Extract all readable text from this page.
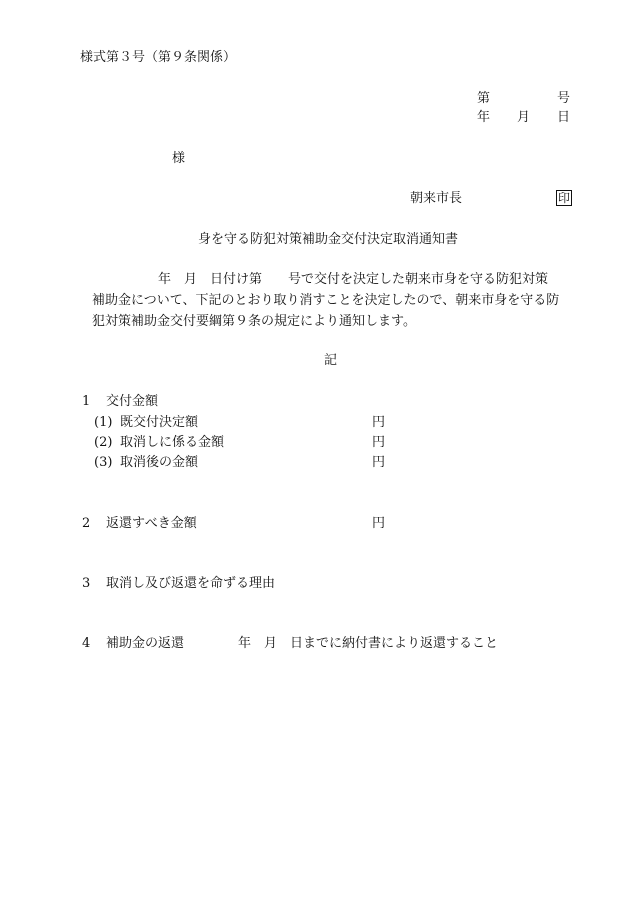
様式第３号（第９条関係）
第	号
年 月 日
様
朝来市長	印
身を守る防犯対策補助金交付決定取消通知書
年　月　日付け第　　号で交付を決定した朝来市身を守る防犯対策
補助金について、下記のとおり取り消すことを決定したので、朝来市身を守る防
犯対策補助金交付要綱第９条の規定により通知します。
記
1 交付金額
(1) 既交付決定額	円
(2) 取消しに係る金額	円
(3) 取消後の金額	円
2 返還すべき金額	円
3 取消し及び返還を命ずる理由
4 補助金の返還	年　月　日までに納付書により返還すること
